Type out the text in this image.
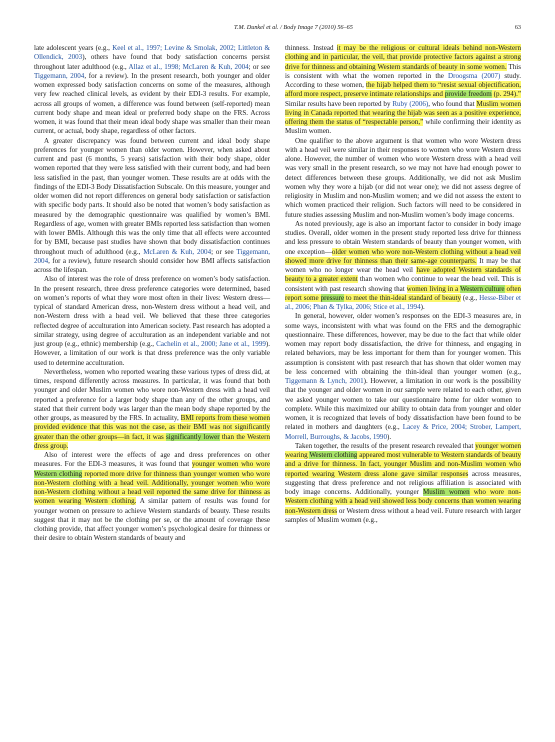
T.M. Dunkel et al. / Body Image 7 (2010) 56–65	63

late adolescent years (e.g., Keel et al., 1997; Levine & Smolak, 2002; Littleton & Ollendick, 2003), others have found that body satisfaction concerns persist throughout later adulthood (e.g., Allaz et al., 1998; McLaren & Kuh, 2004; or see Tiggemann, 2004, for a review). In the present research, both younger and older women expressed body satisfaction concerns on some of the measures, although very few reached clinical levels, as evident by their EDI-3 results. For example, across all groups of women, a difference was found between (self-reported) mean current body shape and mean ideal or preferred body shape on the FRS. Across women, it was found that their mean ideal body shape was smaller than their mean current, or actual, body shape, regardless of other factors.

A greater discrepancy was found between current and ideal body shape preferences for younger women than older women. However, when asked about current and past (6 months, 5 years) satisfaction with their body shape, older women reported that they were less satisfied with their current body, and had been less satisfied in the past, than younger women. These results are at odds with the findings of the EDI-3 Body Dissatisfaction Subscale. On this measure, younger and older women did not report differences on general body satisfaction or satisfaction with specific body parts. It should also be noted that women’s body satisfaction as measured by the demographic questionnaire was qualified by women’s BMI. Regardless of age, women with greater BMIs reported less satisfaction than women with lower BMIs. Although this was the only time that all effects were accounted for by BMI, because past studies have shown that body dissatisfaction continues throughout much of adulthood (e.g., McLaren & Kuh, 2004; or see Tiggemann, 2004, for a review), future research should consider how BMI affects satisfaction across the lifespan.

Also of interest was the role of dress preference on women’s body satisfaction. In the present research, three dress preference categories were determined, based on women’s reports of what they wore most often in their lives: Western dress—typical of standard American dress, non-Western dress without a head veil, and non-Western dress with a head veil. We believed that these three categories reflected degree of acculturation into American society. Past research has adopted a similar strategy, using degree of acculturation as an independent variable and not just group (e.g., ethnic) membership (e.g., Cachelin et al., 2000; Jane et al., 1999). However, a limitation of our work is that dress preference was the only variable used to determine acculturation.

Nevertheless, women who reported wearing these various types of dress did, at times, respond differently across measures. In particular, it was found that both younger and older Muslim women who wore non-Western dress with a head veil reported a preference for a larger body shape than any of the other groups, and stated that their current body was larger than the mean body shape reported by the other groups, as measured by the FRS. In actuality, BMI reports from these women provided evidence that this was not the case, as their BMI was not significantly greater than the other groups—in fact, it was significantly lower than the Western dress group.

Also of interest were the effects of age and dress preferences on other measures. For the EDI-3 measures, it was found that younger women who wore Western clothing reported more drive for thinness than younger women who wore non-Western clothing with a head veil. Additionally, younger women who wore non-Western clothing without a head veil reported the same drive for thinness as women wearing Western clothing. A similar pattern of results was found for younger women on pressure to achieve Western standards of beauty. These results suggest that it may not be the clothing per se, or the amount of coverage these clothing provide, that affect younger women’s psychological desire for thinness or their desire to obtain Western standards of beauty and

thinness. Instead it may be the religious or cultural ideals behind non-Western clothing and in particular, the veil, that provide protective factors against a strong drive for thinness and obtaining Western standards of beauty in some women. This is consistent with what the women reported in the Droogsma (2007) study. According to these women, the hijab helped them to “resist sexual objectification, afford more respect, preserve intimate relationships and provide freedom (p. 294).” Similar results have been reported by Ruby (2006), who found that Muslim women living in Canada reported that wearing the hijab was seen as a positive experience, offering them the status of “respectable person,” while confirming their identity as Muslim women.

One qualifier to the above argument is that women who wore Western dress with a head veil were similar in their responses to women who wore Western dress alone. However, the number of women who wore Western dress with a head veil was very small in the present research, so we may not have had enough power to detect differences between these groups. Additionally, we did not ask Muslim women why they wore a hijab (or did not wear one); we did not assess degree of religiosity in Muslim and non-Muslim women; and we did not assess the extent to which women practiced their religion. Such factors will need to be considered in future studies assessing Muslim and non-Muslim women’s body image concerns.

As noted previously, age is also an important factor to consider in body image studies. Overall, older women in the present study reported less drive for thinness and less pressure to obtain Western standards of beauty than younger women, with one exception—older women who wore non-Western clothing without a head veil showed more drive for thinness than their same-age counterparts. It may be that women who no longer wear the head veil have adopted Western standards of beauty to a greater extent than women who continue to wear the head veil. This is consistent with past research showing that women living in a Western culture often report some pressure to meet the thin-ideal standard of beauty (e.g., Hesse-Biber et al., 2006; Phan & Tylka, 2006; Stice et al., 1994).

In general, however, older women’s responses on the EDI-3 measures are, in some ways, inconsistent with what was found on the FRS and the demographic questionnaire. These differences, however, may be due to the fact that while older women may report body dissatisfaction, the drive for thinness, and engaging in related behaviors, may be less important for them than for younger women. This assumption is consistent with past research that has shown that older women may be less concerned with obtaining the thin-ideal than younger women (e.g., Tiggemann & Lynch, 2001). However, a limitation in our work is the possibility that the younger and older women in our sample were related to each other, given we asked younger women to take our questionnaire home for older women to complete. While this maximized our ability to obtain data from younger and older women, it is recognized that levels of body dissatisfaction have been found to be related in mothers and daughters (e.g., Lacey & Price, 2004; Strober, Lampert, Morrell, Burroughs, & Jacobs, 1990).

Taken together, the results of the present research revealed that younger women wearing Western clothing appeared most vulnerable to Western standards of beauty and a drive for thinness. In fact, younger Muslim and non-Muslim women who reported wearing Western dress alone gave similar responses across measures, suggesting that dress preference and not religious affiliation is associated with body image concerns. Additionally, younger Muslim women who wore non-Western clothing with a head veil showed less body concerns than women wearing non-Western dress or Western dress without a head veil. Future research with larger samples of Muslim women (e.g.,
